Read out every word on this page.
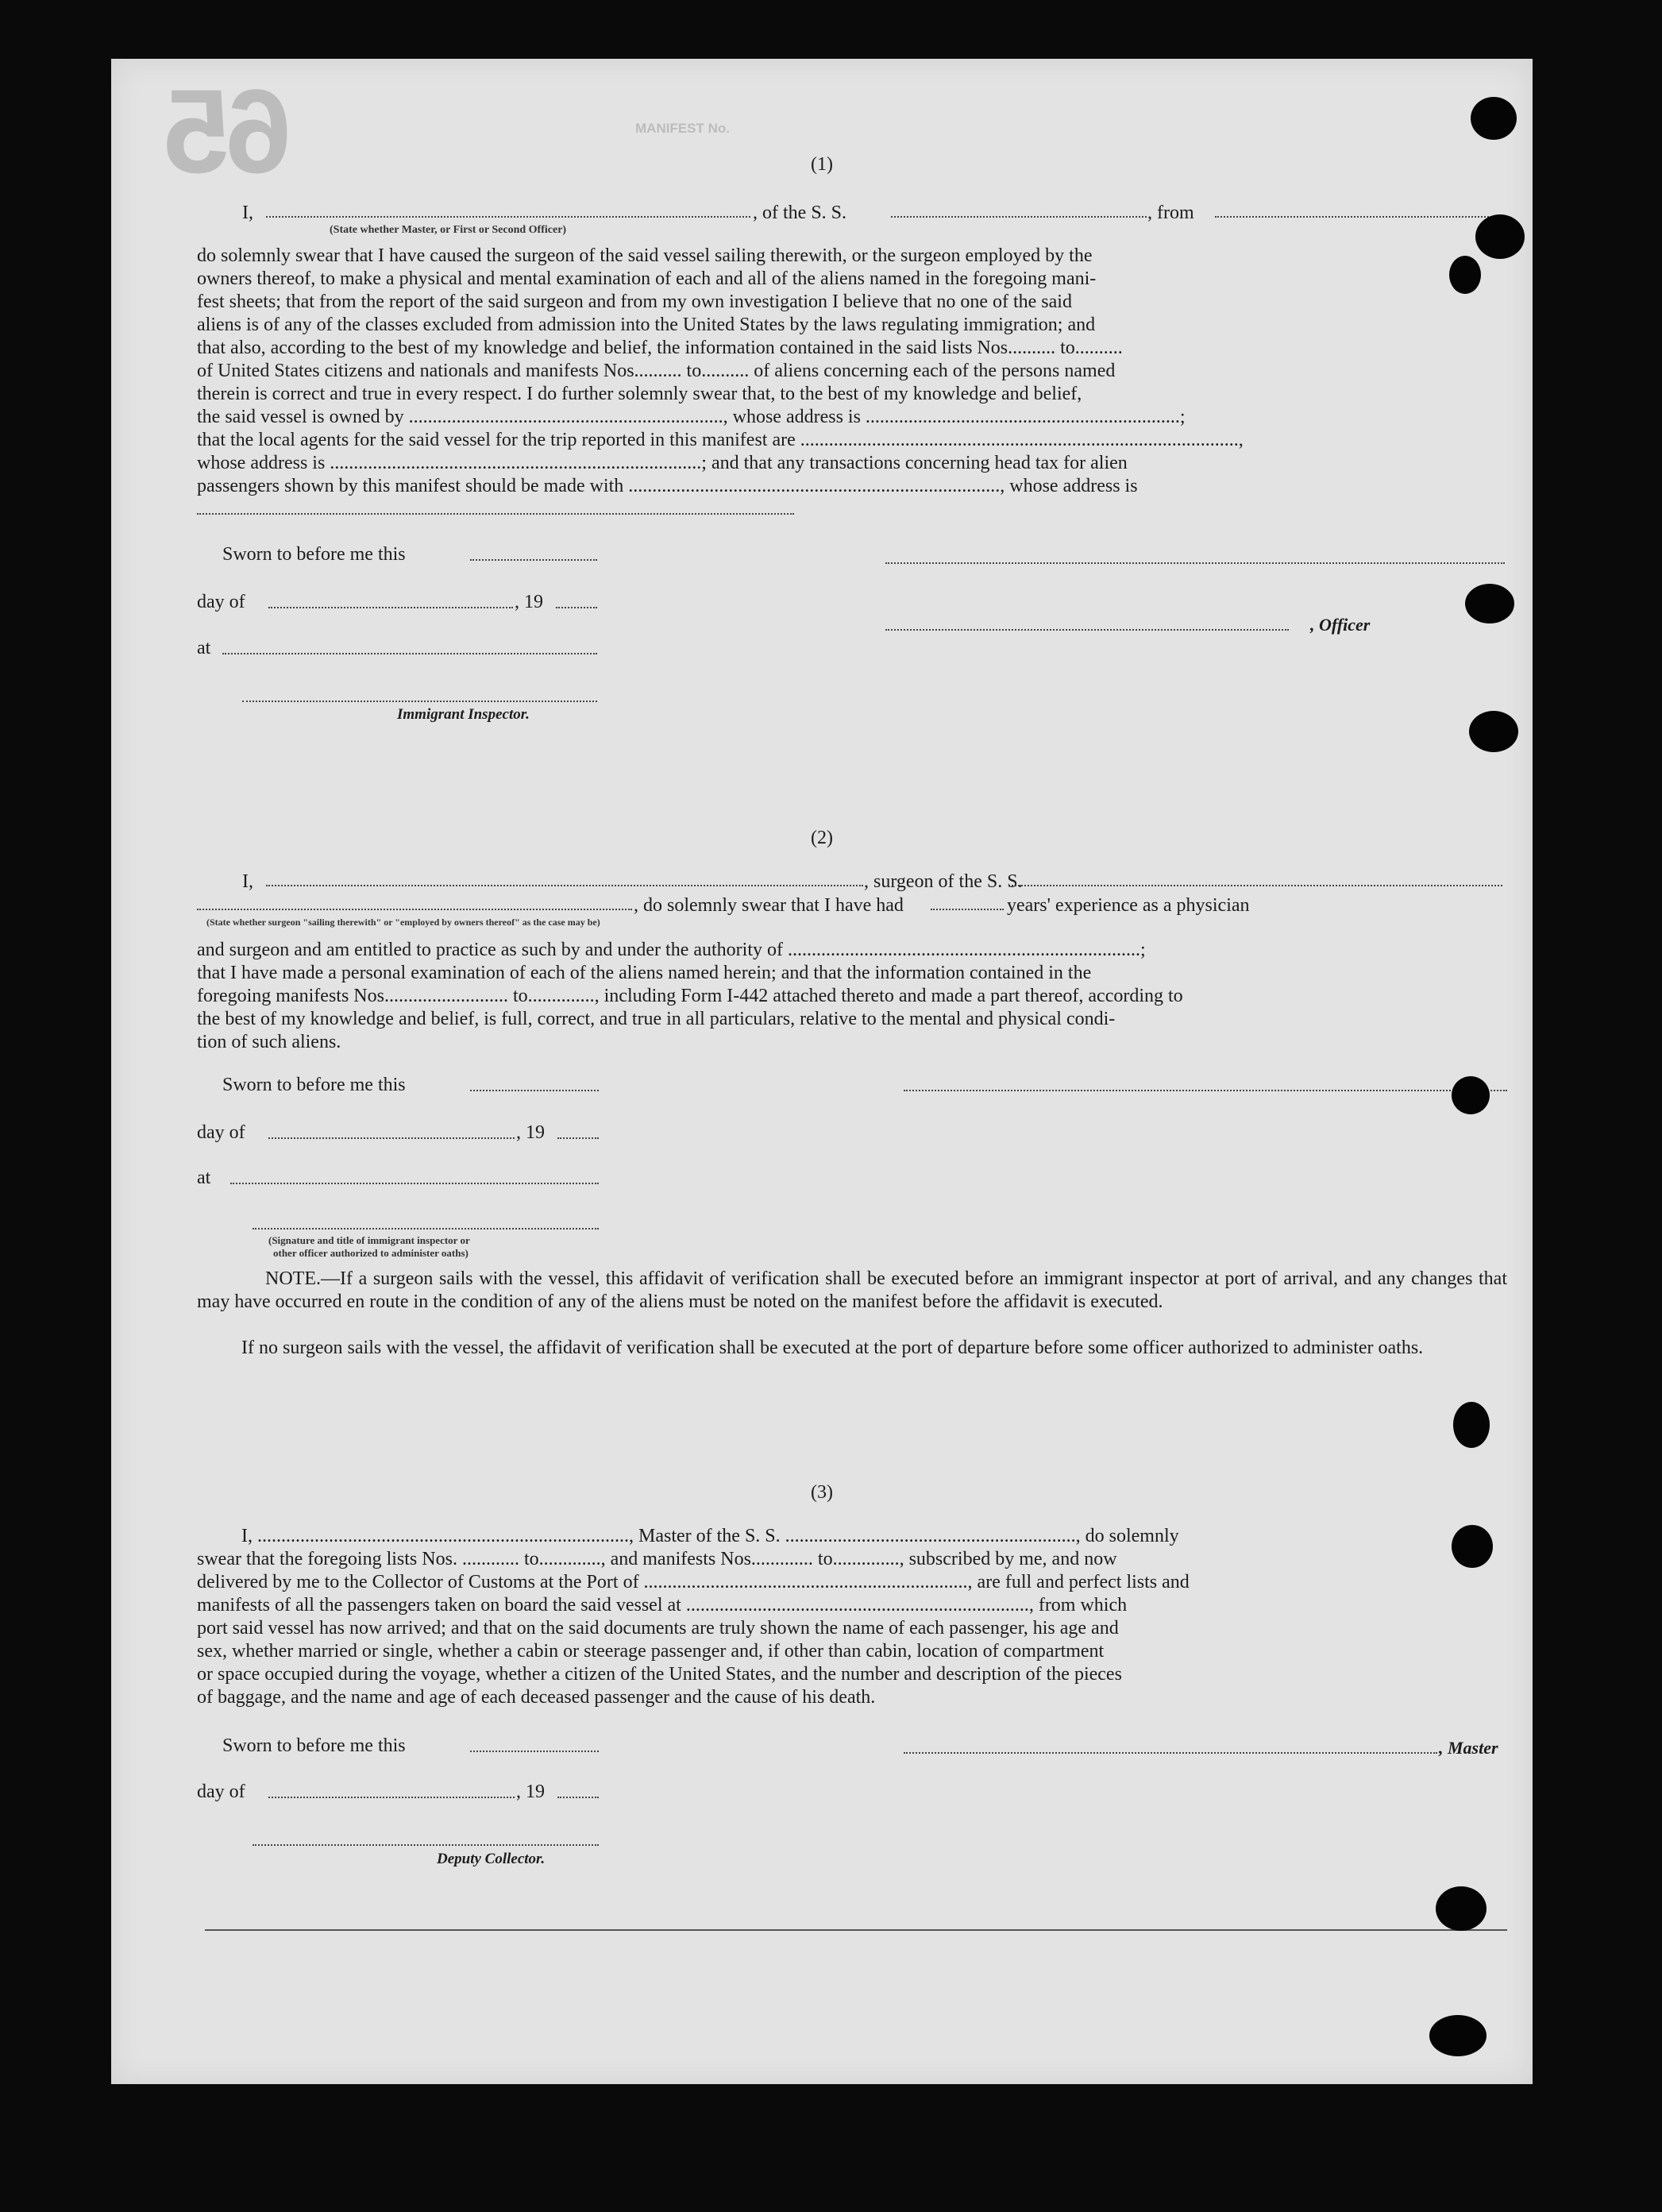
65	MANIFEST No.
(1)
I,
(State whether Master, or First or Second Officer)
, of the S. S.	, from

do solemnly swear that I have caused the surgeon of the said vessel sailing therewith, or the surgeon employed by the

owners thereof, to make a physical and mental examination of each and all of the aliens named in the foregoing mani-

fest sheets; that from the report of the said surgeon and from my own investigation I believe that no one of the said

aliens is of any of the classes excluded from admission into the United States by the laws regulating immigration; and

that also, according to the best of my knowledge and belief, the information contained in the said lists Nos.......... to..........

of United States citizens and nationals and manifests Nos.......... to.......... of aliens concerning each of the persons named

therein is correct and true in every respect. I do further solemnly swear that, to the best of my knowledge and belief,

the said vessel is owned by .................................................................., whose address is ..................................................................;

that the local agents for the said vessel for the trip reported in this manifest are ............................................................................................,

whose address is ..............................................................................; and that any transactions concerning head tax for alien

passengers shown by this manifest should be made with .............................................................................., whose address is

Sworn to before me this
day of	, 19
, Officer
at
Immigrant Inspector.
(2)
I,	, surgeon of the S. S.
, do solemnly swear that I have had	years' experience as a physician
(State whether surgeon "sailing therewith" or "employed by owners thereof" as the case may be)

and surgeon and am entitled to practice as such by and under the authority of ..........................................................................;

that I have made a personal examination of each of the aliens named herein; and that the information contained in the

foregoing manifests Nos.......................... to.............., including Form I-442 attached thereto and made a part thereof, according to

the best of my knowledge and belief, is full, correct, and true in all particulars, relative to the mental and physical condi-

tion of such aliens.

Sworn to before me this
day of	, 19
at
(Signature and title of immigrant inspector or
other officer authorized to administer oaths)
NOTE.—If a surgeon sails with the vessel, this affidavit of verification shall be executed before an immigrant inspector at port of arrival, and any changes that may have occurred en route in the condition of any of the aliens must be noted on the manifest before the affidavit is executed.
If no surgeon sails with the vessel, the affidavit of verification shall be executed at the port of departure before some officer authorized to administer oaths.
(3)

I, .............................................................................., Master of the S. S. ............................................................., do solemnly

swear that the foregoing lists Nos. ............ to............., and manifests Nos............. to.............., subscribed by me, and now

delivered by me to the Collector of Customs at the Port of ...................................................................., are full and perfect lists and

manifests of all the passengers taken on board the said vessel at ........................................................................, from which

port said vessel has now arrived; and that on the said documents are truly shown the name of each passenger, his age and

sex, whether married or single, whether a cabin or steerage passenger and, if other than cabin, location of compartment

or space occupied during the voyage, whether a citizen of the United States, and the number and description of the pieces

of baggage, and the name and age of each deceased passenger and the cause of his death.

Sworn to before me this	, Master
day of	, 19
Deputy Collector.
